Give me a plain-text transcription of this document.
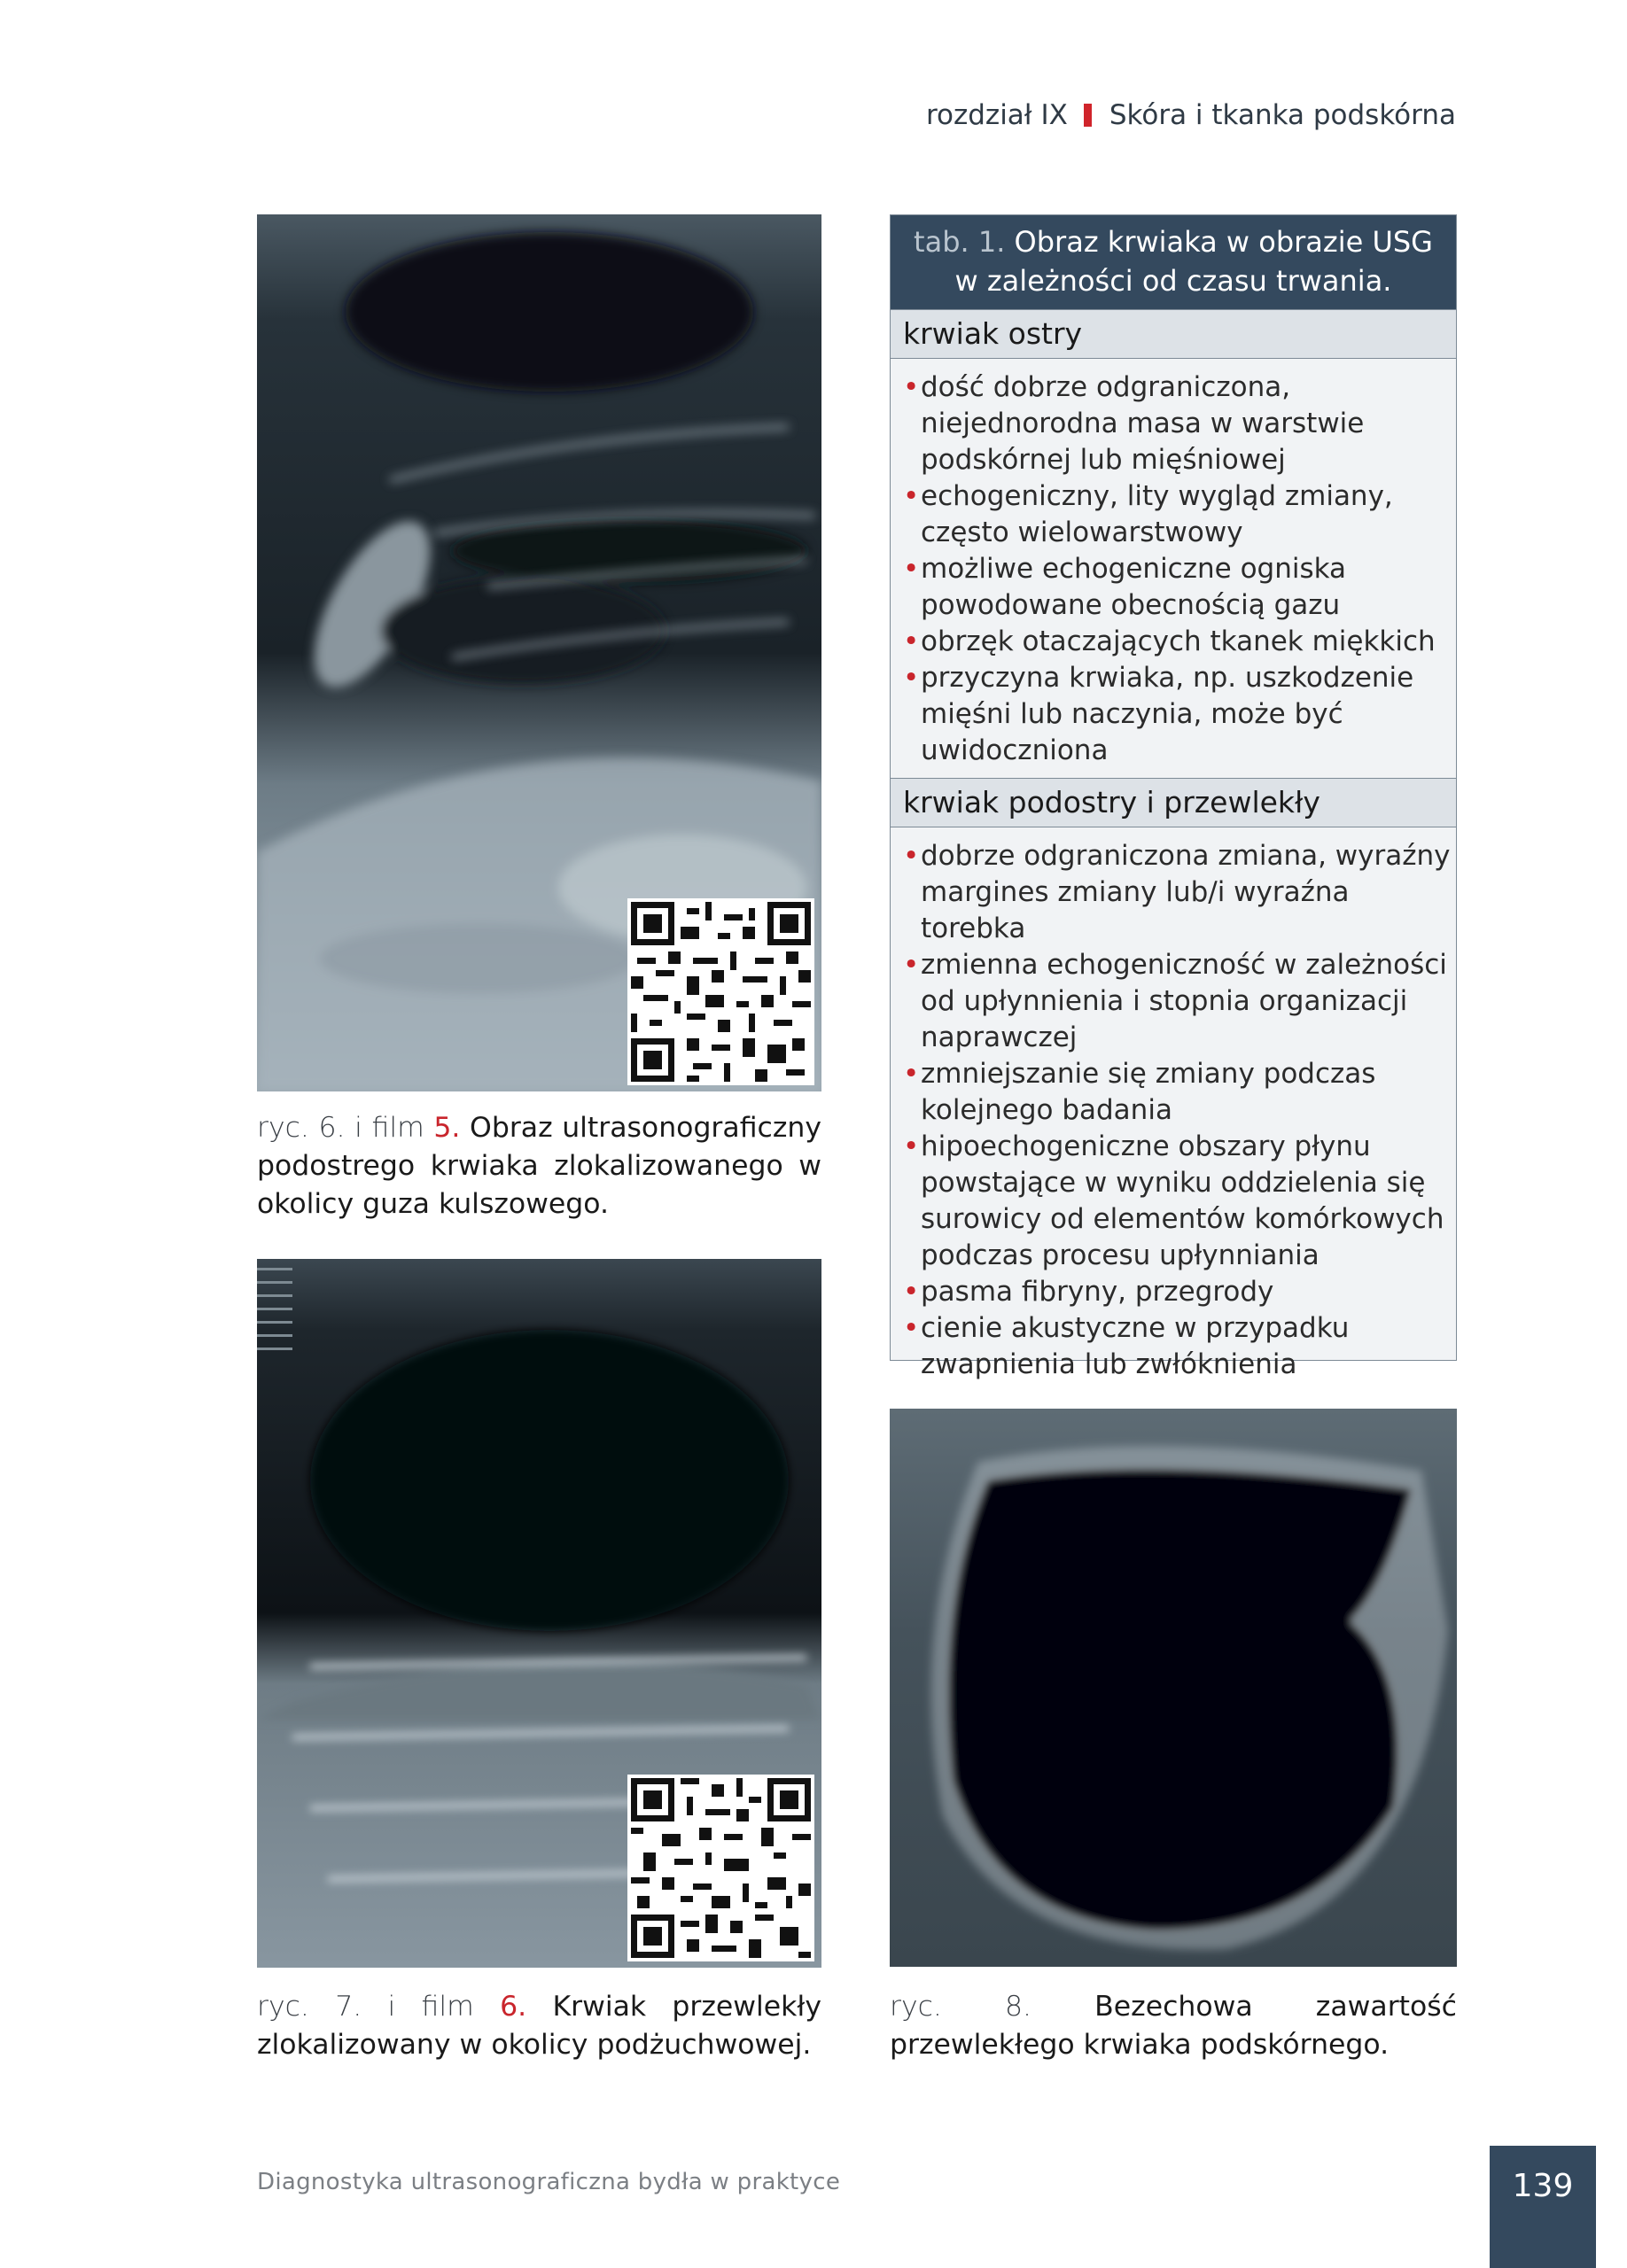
rozdział IX Skóra i tkanka podskórna
ryc. 6. i film 5. Obraz ultrasonograficzny podostrego krwiaka zlokalizowanego w okolicy guza kulszowego.
ryc. 7. i film 6. Krwiak przewlekły zlokalizowany w okolicy podżuchwowej.
tab. 1. Obraz krwiaka w obrazie USG w zależności od czasu trwania.
krwiak ostry
• dość dobrze odgraniczona, niejednorodna masa w warstwie podskórnej lub mięśniowej
• echogeniczny, lity wygląd zmiany, często wielowarstwowy
• możliwe echogeniczne ogniska powodowane obecnością gazu
• obrzęk otaczających tkanek miękkich
• przyczyna krwiaka, np. uszkodzenie mięśni lub naczynia, może być uwidoczniona
krwiak podostry i przewlekły
• dobrze odgraniczona zmiana, wyraźny margines zmiany lub/i wyraźna torebka
• zmienna echogeniczność w zależności od upłynnienia i stopnia organizacji naprawczej
• zmniejszanie się zmiany podczas kolejnego badania
• hipoechogeniczne obszary płynu powstające w wyniku oddzielenia się surowicy od elementów komórkowych podczas procesu upłynniania
• pasma fibryny, przegrody
• cienie akustyczne w przypadku zwapnienia lub zwłóknienia
ryc. 8. Bezechowa zawartość przewlekłego krwiaka podskórnego.
Diagnostyka ultrasonograficzna bydła w praktyce	139
